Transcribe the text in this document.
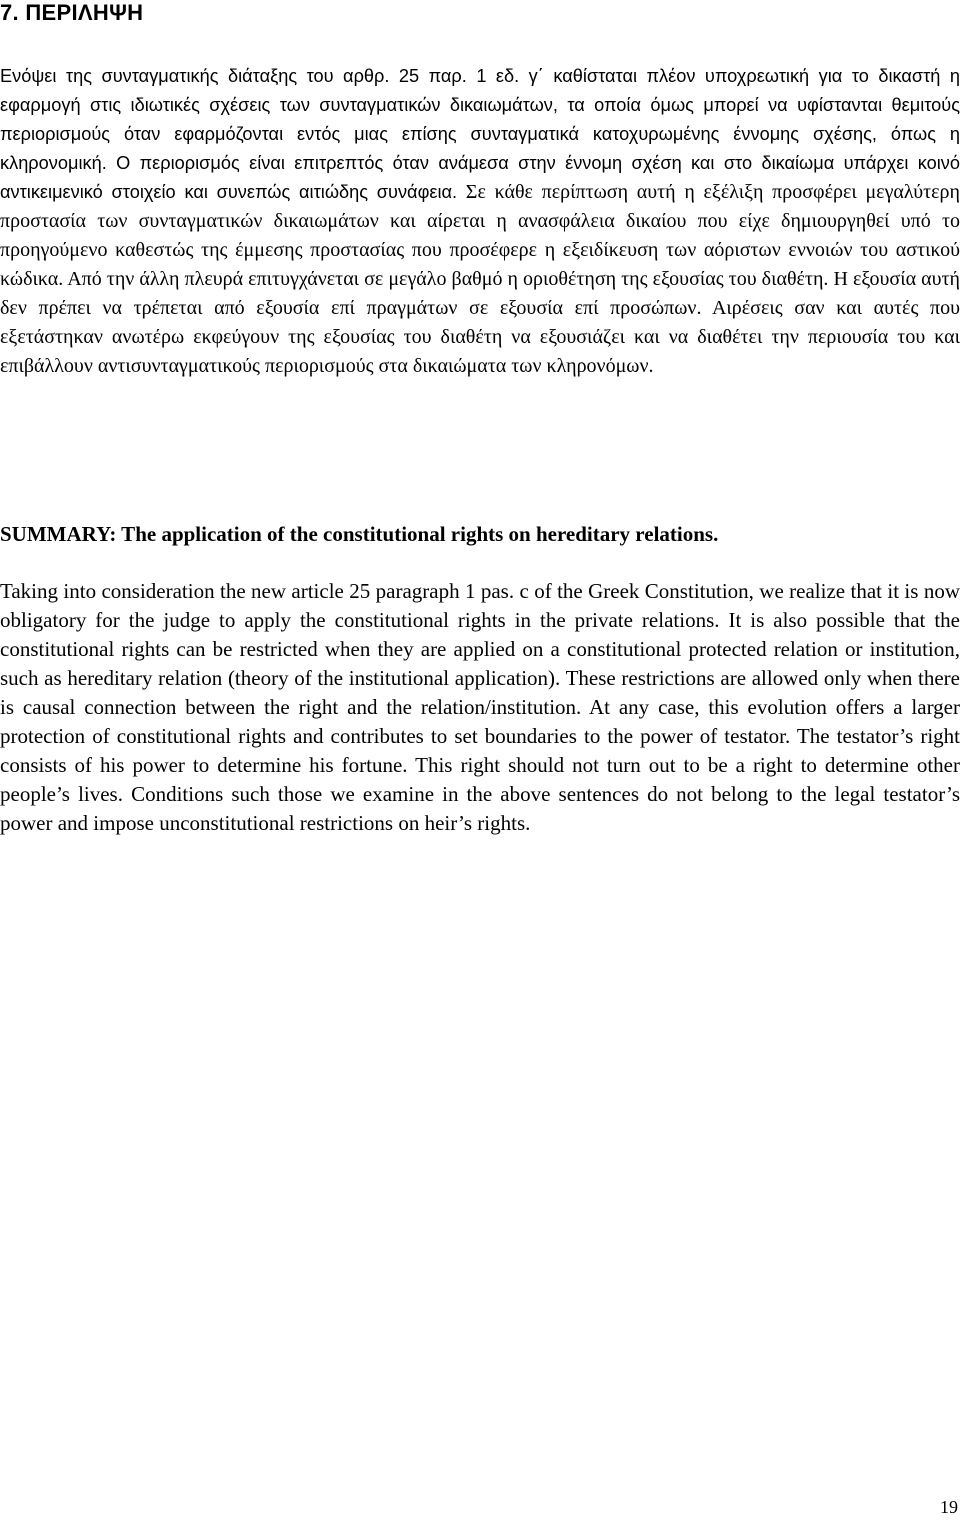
7. ΠΕΡΙΛΗΨΗ

Ενόψει της συνταγματικής διάταξης του αρθρ. 25 παρ. 1 εδ. γ΄ καθίσταται πλέον υποχρεωτική για το δικαστή η εφαρμογή στις ιδιωτικές σχέσεις των συνταγματικών δικαιωμάτων, τα οποία όμως μπορεί να υφίστανται θεμιτούς περιορισμούς όταν εφαρμόζονται εντός μιας επίσης συνταγματικά κατοχυρωμένης έννομης σχέσης, όπως η κληρονομική. Ο περιορισμός είναι επιτρεπτός όταν ανάμεσα στην έννομη σχέση και στο δικαίωμα υπάρχει κοινό αντικειμενικό στοιχείο και συνεπώς αιτιώδης συνάφεια. Σε κάθε περίπτωση αυτή η εξέλιξη προσφέρει μεγαλύτερη προστασία των συνταγματικών δικαιωμάτων και αίρεται η ανασφάλεια δικαίου που είχε δημιουργηθεί υπό το προηγούμενο καθεστώς της έμμεσης προστασίας που προσέφερε η εξειδίκευση των αόριστων εννοιών του αστικού κώδικα. Από την άλλη πλευρά επιτυγχάνεται σε μεγάλο βαθμό η οριοθέτηση της εξουσίας του διαθέτη. Η εξουσία αυτή δεν πρέπει να τρέπεται από εξουσία επί πραγμάτων σε εξουσία επί προσώπων. Αιρέσεις σαν και αυτές που εξετάστηκαν ανωτέρω εκφεύγουν της εξουσίας του διαθέτη να εξουσιάζει και να διαθέτει την περιουσία του και επιβάλλουν αντισυνταγματικούς περιορισμούς στα δικαιώματα των κληρονόμων.

SUMMARY: The application of the constitutional rights on hereditary relations.

Taking into consideration the new article 25 paragraph 1 pas. c of the Greek Constitution, we realize that it is now obligatory for the judge to apply the constitutional rights in the private relations. It is also possible that the constitutional rights can be restricted when they are applied on a constitutional protected relation or institution, such as hereditary relation (theory of the institutional application). These restrictions are allowed only when there is causal connection between the right and the relation/institution. At any case, this evolution offers a larger protection of constitutional rights and contributes to set boundaries to the power of testator. The testator’s right consists of his power to determine his fortune. This right should not turn out to be a right to determine other people’s lives. Conditions such those we examine in the above sentences do not belong to the legal testator’s power and impose unconstitutional restrictions on heir’s rights.

19
